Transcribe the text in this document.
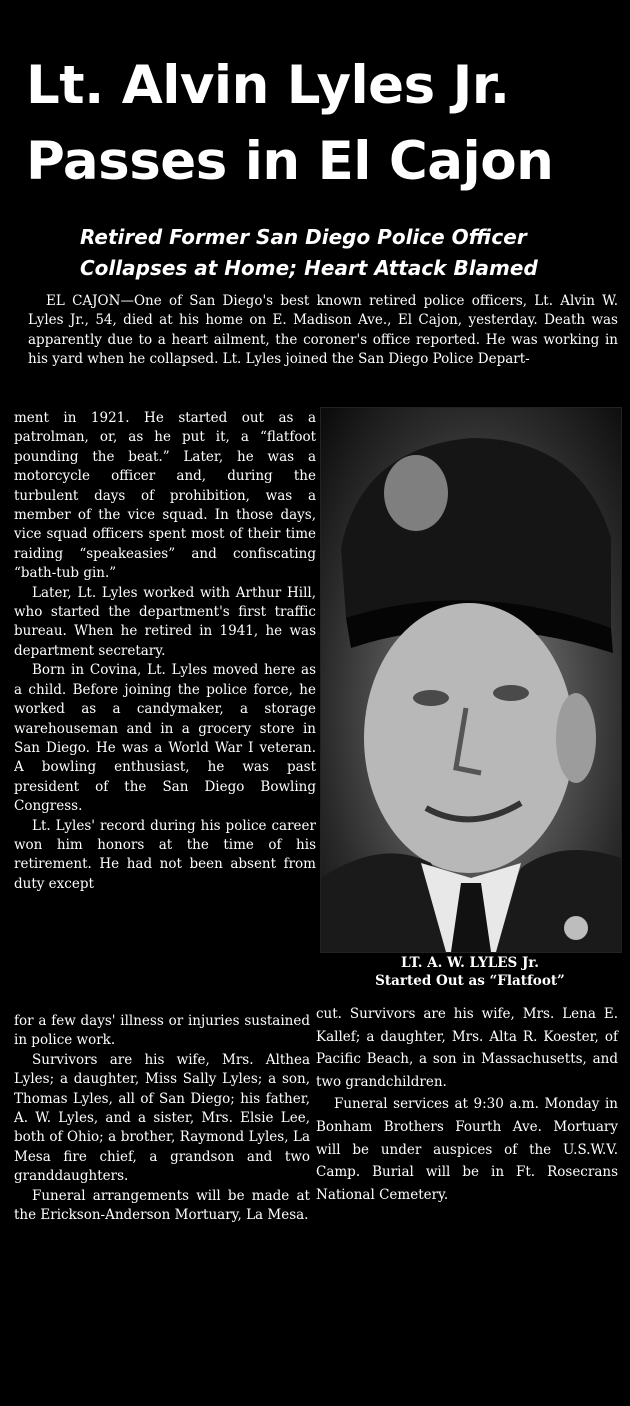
Lt. Alvin Lyles Jr.
Passes in El Cajon
Retired Former San Diego Police Officer
Collapses at Home; Heart Attack Blamed

EL CAJON—One of San Diego's best known retired police officers, Lt. Alvin W. Lyles Jr., 54, died at his home on E. Madison Ave., El Cajon, yesterday. Death was apparently due to a heart ailment, the coroner's office reported. He was working in his yard when he collapsed. Lt. Lyles joined the San Diego Police Depart-

ment in 1921. He started out as a patrolman, or, as he put it, a “flatfoot pounding the beat.” Later, he was a motorcycle officer and, during the turbulent days of prohibition, was a member of the vice squad. In those days, vice squad officers spent most of their time raiding “speakeasies” and confiscating “bath-tub gin.”

Later, Lt. Lyles worked with Arthur Hill, who started the department's first traffic bureau. When he retired in 1941, he was department secretary.

Born in Covina, Lt. Lyles moved here as a child. Before joining the police force, he worked as a candymaker, a storage warehouseman and in a grocery store in San Diego. He was a World War I veteran. A bowling enthusiast, he was past president of the San Diego Bowling Congress.

Lt. Lyles' record during his police career won him honors at the time of his retirement. He had not been absent from duty except

LT. A. W. LYLES Jr.
Started Out as “Flatfoot”

for a few days' illness or injuries sustained in police work.

Survivors are his wife, Mrs. Althea Lyles; a daughter, Miss Sally Lyles; a son, Thomas Lyles, all of San Diego; his father, A. W. Lyles, and a sister, Mrs. Elsie Lee, both of Ohio; a brother, Raymond Lyles, La Mesa fire chief, a grandson and two granddaughters.

Funeral arrangements will be made at the Erickson-Anderson Mortuary, La Mesa.

cut. Survivors are his wife, Mrs. Lena E. Kallef; a daughter, Mrs. Alta R. Koester, of Pacific Beach, a son in Massachusetts, and two grandchildren.

Funeral services at 9:30 a.m. Monday in Bonham Brothers Fourth Ave. Mortuary will be under auspices of the U.S.W.V. Camp. Burial will be in Ft. Rosecrans National Cemetery.
